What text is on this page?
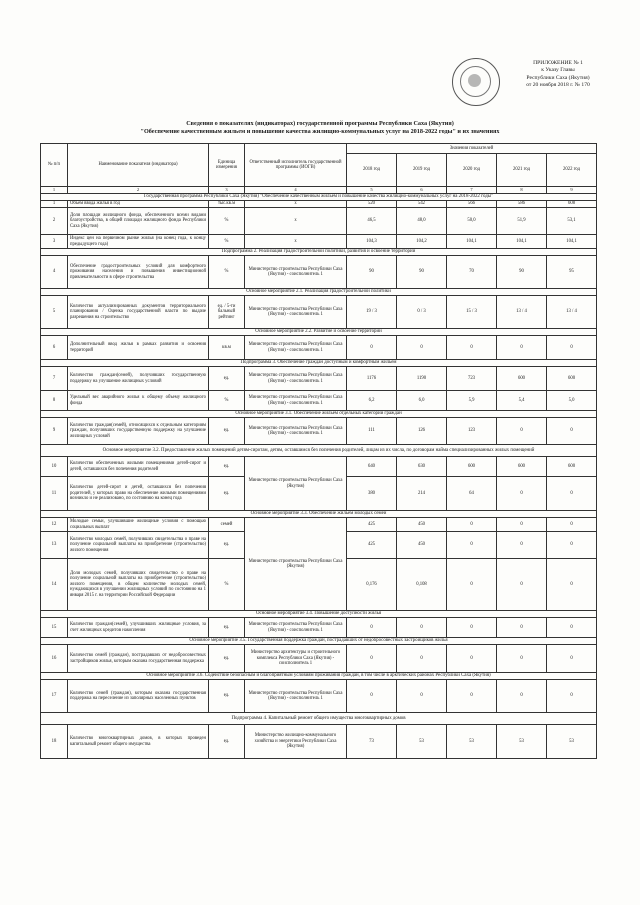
ПРИЛОЖЕНИЕ № 1
к Указу Главы
Республики Саха (Якутия)
от 20 ноября 2018 г. № 170
Сведения о показателях (индикаторах) государственной программы Республики Саха (Якутия)
"Обеспечение качественным жильем и повышение качества жилищно-коммунальных услуг на 2018-2022 годы" и их значениях
№ п/п	Наименование показателя (индикатора)	Единица измерения	Ответственный исполнитель государственной программы (ИОГВ)	Значения показателей				
				2018 год	2019 год	2020 год	2021 год	2022 год
1	2	3	4	5	6	7	8	9
Государственная программа Республики Саха (Якутия) "Обеспечение качественным жильем и повышение качества жилищно-коммунальных услуг на 2018-2022 годы"								
1	Объем ввода жилья в год	тыс.кв.м	х	520	542	566	586	608
2	Доля площади жилищного фонда, обеспеченного всеми видами благоустройства, в общей площади жилищного фонда Республики Саха (Якутия)	%	х	46,5	48,0	50,0	51,9	53,1
3	Индекс цен на первичном рынке жилья (на конец года, к концу предыдущего года)	%	х	104,3	104,2	104,1	104,1	104,1
Подпрограмма 2. Реализация градостроительной политики, развития и освоение территорий								
4	Обеспечение градостроительных условий для комфортного проживания населения и повышения инвестиционной привлекательности в сфере строительства	%	Министерство строительства Республики Саха (Якутия) - соисполнитель 1	90	90	70	90	95
Основное мероприятие 2.1. Реализация градостроительной политики								
5	Количество актуализированных документов территориального планирования / Оценка государственной власти по выдаче разрешения на строительство	ед. / 5-ти бальный рейтинг	Министерство строительства Республики Саха (Якутия) - соисполнитель 1	19 / 3	0 / 3	15 / 3	13 / 4	13 / 4
Основное мероприятие 2.2. Развитие и освоение территорий								
6	Дополнительный ввод жилья в рамках развития и освоения территорий	кв.м	Министерство строительства Республики Саха (Якутия) - соисполнитель 1	0	0	0	0	0
Подпрограмма 3. Обеспечение граждан доступным и комфортным жильем								
7	Количество граждан(семей), получивших государственную поддержку на улучшение жилищных условий	ед.	Министерство строительства Республики Саха (Якутия) - соисполнитель 1	1176	1190	723	600	600
8	Удельный вес аварийного жилья к общему объему жилищного фонда	%	Министерство строительства Республики Саха (Якутия) - соисполнитель 1	6,2	6,0	5,9	5,4	5,0
Основное мероприятие 3.1. Обеспечение жильем отдельных категорий граждан								
9	Количество граждан(семей), относящихся к отдельным категориям граждан, получивших государственную поддержку на улучшение жилищных условий	ед.	Министерство строительства Республики Саха (Якутия) - соисполнитель 1	111	126	123	0	0
Основное мероприятие 3.2. Предоставление жилых помещений детям-сиротам, детям, оставшимся без попечения родителей, лицам из их числа, по договорам найма специализированных жилых помещений								
10	Количество обеспеченных жилыми помещениями детей-сирот и детей, оставшихся без попечения родителей	ед.	Министерство строительства Республики Саха (Якутия)	640	630	600	600	600
11	Количество детей-сирот и детей, оставшихся без попечения родителей, у которых право на обеспечение жилыми помещениями возникло и не реализовано, по состоянию на конец года	ед.		380	214	64	0	0
Основное мероприятие 3.3. Обеспечение жильем молодых семей								
12	Молодые семьи, улучшившие жилищные условия с помощью социальных выплат	семей	Министерство строительства Республики Саха (Якутия)	425	450	0	0	0
13	Количество молодых семей, получивших свидетельства о праве на получение социальной выплаты на приобретение (строительство) жилого помещения	ед.		425	450	0	0	0
14	Доля молодых семей, получивших свидетельство о праве на получение социальной выплаты на приобретение (строительство) жилого помещения, в общем количестве молодых семей, нуждающихся в улучшении жилищных условий по состоянию на 1 января 2015 г. на территории Российской Федерации	%		0,176	0,108	0	0	0
Основное мероприятие 3.4. Повышение доступности жилья								
15	Количество граждан(семей), улучшивших жилищные условия, за счет жилищных кредитов накопления	ед.	Министерство строительства Республики Саха (Якутия) - соисполнитель 1	0	0	0	0	0
Основное мероприятие 3.5. Государственная поддержка граждан, пострадавших от недобросовестных застройщиков жилья								
16	Количество семей (граждан), пострадавших от недобросовестных застройщиков жилья, которым оказана государственная поддержка	ед.	Министерство архитектуры и строительного комплекса Республики Саха (Якутия) - соисполнитель 1	0	0	0	0	0
Основное мероприятие 3.6. Содействие безопасным и благоприятным условиям проживания граждан, в том числе в арктических районах Республики Саха (Якутия)								
17	Количество семей (граждан), которым оказана государственная поддержка на переселение из заполярных населенных пунктов	ед.	Министерство строительства Республики Саха (Якутия) - соисполнитель 1	0	0	0	0	0
Подпрограмма 4. Капитальный ремонт общего имущества многоквартирных домов								
18	Количество многоквартирных домов, в которых проведен капитальный ремонт общего имущества	ед.	Министерство жилищно-коммунального хозяйства и энергетики Республики Саха (Якутия)	73	53	53	53	53
